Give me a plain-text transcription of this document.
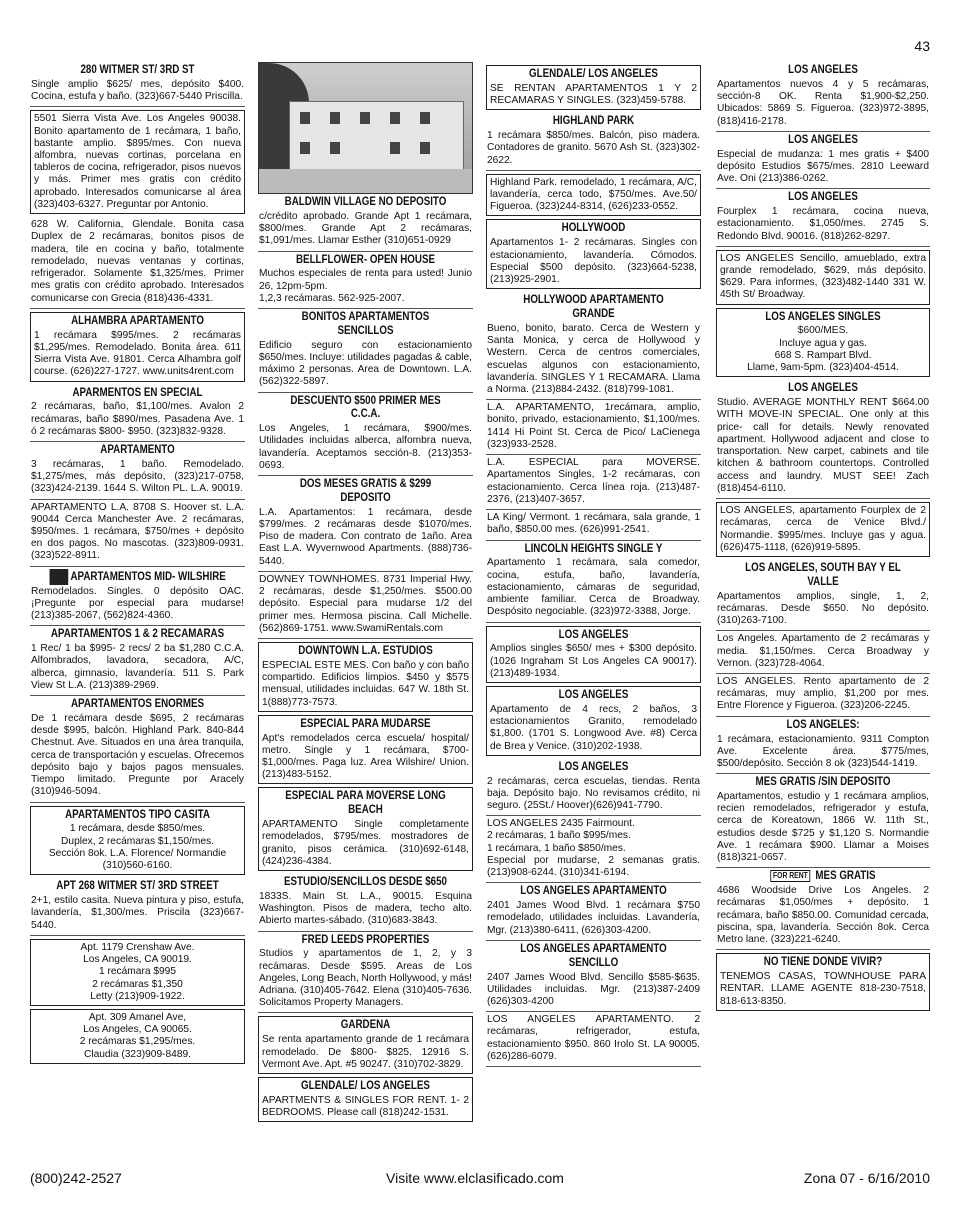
43
280 WITMER ST/ 3RD ST
Single amplio $625/ mes, depósito $400. Cocina, estufa y baño. (323)667-5440 Priscilla.
5501 Sierra Vista Ave. Los Angeles 90038. Bonito apartamento de 1 recámara, 1 baño, bastante amplio. $895/mes. Con nueva alfombra, nuevas cortinas, porcelana en tableros de cocina, refrigerador, pisos nuevos y más. Primer mes gratis con crédito aprobado. Interesados comunicarse al área (323)403-6327. Preguntar por Antonio.
628 W. California, Glendale. Bonita casa Duplex de 2 recámaras, bonitos pisos de madera, tile en cocina y baño, totalmente remodelado, nuevas ventanas y cortinas, refrigerador. Solamente $1,325/mes. Primer mes gratis con crédito aprobado. Interesados comunicarse con Grecia (818)436-4331.
ALHAMBRA APARTAMENTO
1 recámara $995/mes. 2 recámaras $1,295/mes. Remodelado. Bonita área. 611 Sierra Vista Ave. 91801. Cerca Alhambra golf course. (626)227-1727. www.units4rent.com
APARMENTOS EN SPECIAL
2 recámaras, baño, $1,100/mes. Avalon 2 recámaras, baño $890/mes. Pasadena Ave. 1 ó 2 recámaras $800- $950. (323)832-9328.
APARTAMENTO
3 recámaras, 1 baño. Remodelado. $1,275/mes, más depósito, (323)217-0758, (323)424-2139. 1644 S. Wilton PL. L.A. 90019.
APARTAMENTO L.A. 8708 S. Hoover st. L.A. 90044 Cerca Manchester Ave. 2 recámaras, $950/mes. 1 recámara, $750/mes + depósito en dos pagos. No mascotas. (323)809-0931. (323)522-8911.
APARTAMENTOS MID- WILSHIRE
Remodelados. Singles. 0 depósito OAC. ¡Pregunte por especial para mudarse! (213)385-2067, (562)824-4360.
APARTAMENTOS 1 & 2 RECAMARAS
1 Rec/ 1 ba $995- 2 recs/ 2 ba $1,280 C.C.A. Alfombrados, lavadora, secadora, A/C, alberca, gimnasio, lavandería. 511 S. Park View St L.A. (213)389-2969.
APARTAMENTOS ENORMES
De 1 recámara desde $695, 2 recámaras desde $995, balcón. Highland Park. 840-844 Chestnut. Ave. Situados en una área tranquila, cerca de transportación y escuelas. Ofrecemos depósito bajo y bajos pagos mensuales. Tiempo limitado. Pregunte por Aracely (310)946-5094.
APARTAMENTOS TIPO CASITA
1 recámara, desde $850/mes.
Duplex, 2 recámaras $1,150/mes.
Sección 8ok. L.A. Florence/ Normandie
(310)560-6160.
APT 268 WITMER ST/ 3RD STREET
2+1, estilo casita. Nueva pintura y piso, estufa, lavandería, $1,300/mes. Priscila (323)667-5440.
Apt. 1179 Crenshaw Ave.
Los Angeles, CA 90019.
1 recámara $995
2 recámaras $1,350
Letty (213)909-1922.
Apt. 309 Amanel Ave,
Los Angeles, CA 90065.
2 recámaras $1,295/mes.
Claudia (323)909-8489.
BALDWIN VILLAGE NO DEPOSITO
c/crédito aprobado. Grande Apt 1 recámara, $800/mes. Grande Apt 2 recámaras, $1,091/mes. Llamar Esther (310)651-0929
BELLFLOWER- OPEN HOUSE
Muchos especiales de renta para usted! Junio 26, 12pm-5pm.
1,2,3 recámaras. 562-925-2007.
BONITOS APARTAMENTOS SENCILLOS
Edificio seguro con estacionamiento $650/mes. Incluye: utilidades pagadas & cable, máximo 2 personas. Area de Downtown. L.A. (562)322-5897.
DESCUENTO $500 PRIMER MES C.C.A.
Los Angeles, 1 recámara, $900/mes. Utilidades incluidas alberca, alfombra nueva, lavandería. Aceptamos sección-8. (213)353-0693.
DOS MESES GRATIS & $299 DEPOSITO
L.A. Apartamentos: 1 recámara, desde $799/mes. 2 recámaras desde $1070/mes. Piso de madera. Con contrato de 1año. Area East L.A. Wyvernwood Apartments. (888)736-5440.
DOWNEY TOWNHOMES. 8731 Imperial Hwy. 2 recámaras, desde $1,250/mes. $500.00 depósito. Especial para mudarse 1/2 del primer mes. Hermosa piscina. Call Michelle. (562)869-1751. www.SwamiRentals.com
DOWNTOWN L.A. ESTUDIOS
ESPECIAL ESTE MES. Con baño y con baño compartido. Edificios limpios. $450 y $575 mensual, utilidades incluidas. 647 W. 18th St. 1(888)773-7573.
ESPECIAL PARA MUDARSE
Apt's remodelados cerca escuela/ hospital/ metro. Single y 1 recámara, $700- $1,000/mes. Paga luz. Area Wilshire/ Union. (213)483-5152.
ESPECIAL PARA MOVERSE LONG BEACH
APARTAMENTO Single completamente remodelados, $795/mes. mostradores de granito, pisos cerámica. (310)692-6148, (424)236-4384.
ESTUDIO/SENCILLOS DESDE $650
1833S. Main St. L.A., 90015. Esquina Washington. Pisos de madera, techo alto. Abierto martes-sábado. (310)683-3843.
FRED LEEDS PROPERTIES
Studios y apartamentos de 1, 2, y 3 recámaras. Desde $595. Areas de Los Angeles, Long Beach, North Hollywood, y más! Adriana. (310)405-7642. Elena (310)405-7636. Solicitamos Property Managers.
GARDENA
Se renta apartamento grande de 1 recámara remodelado. De $800- $825. 12916 S. Vermont Ave. Apt. #5 90247. (310)702-3829.
GLENDALE/ LOS ANGELES
APARTMENTS & SINGLES FOR RENT. 1- 2 BEDROOMS. Please call (818)242-1531.
GLENDALE/ LOS ANGELES
SE RENTAN APARTAMENTOS 1 Y 2 RECAMARAS Y SINGLES. (323)459-5788.
HIGHLAND PARK
1 recámara $850/mes. Balcón, piso madera. Contadores de granito. 5670 Ash St. (323)302-2622.
Highland Park. remodelado, 1 recámara, A/C, lavandería, cerca todo, $750/mes. Ave.50/ Figueroa. (323)244-8314, (626)233-0552.
HOLLYWOOD
Apartamentos 1- 2 recámaras. Singles con estacionamiento, lavandería. Cómodos. Especial $500 depósito. (323)664-5238, (213)925-2901.
HOLLYWOOD APARTAMENTO GRANDE
Bueno, bonito, barato. Cerca de Western y Santa Monica, y cerca de Hollywood y Western. Cerca de centros comerciales, escuelas algunos con estacionamiento, lavandería. SINGLES Y 1 RECAMARA. Llama a Norma. (213)884-2432. (818)799-1081.
L.A. APARTAMENTO, 1recámara, amplio, bonito, privado, estacionamiento, $1,100/mes. 1414 Hi Point St. Cerca de Pico/ LaCienega (323)933-2528.
L.A. ESPECIAL para MOVERSE. Apartamentos Singles, 1-2 recámaras, con estacionamiento. Cerca línea roja. (213)487-2376, (213)407-3657.
LA King/ Vermont. 1 recámara, sala grande, 1 baño, $850.00 mes. (626)991-2541.
LINCOLN HEIGHTS SINGLE Y
Apartamento 1 recámara, sala comedor, cocina, estufa, baño, lavandería, estacionamiento, cámaras de seguridad, ambiente familiar. Cerca de Broadway. Despósito negociable. (323)972-3388, Jorge.
LOS ANGELES
Amplios singles $650/ mes + $300 depósito. (1026 Ingraham St Los Angeles CA 90017). (213)489-1934.
LOS ANGELES
Apartamento de 4 recs, 2 baños, 3 estacionamientos Granito, remodelado $1,800. (1701 S. Longwood Ave. #8) Cerca de Brea y Venice. (310)202-1938.
LOS ANGELES
2 recámaras, cerca escuelas, tiendas. Renta baja. Depósito bajo. No revisamos crédito, ni seguro. (25St./ Hoover)(626)941-7790.
LOS ANGELES 2435 Fairmount.
2 recámaras, 1 baño $995/mes.
1 recámara, 1 baño $850/mes.
Especial por mudarse, 2 semanas gratis. (213)908-6244. (310)341-6194.
LOS ANGELES APARTAMENTO
2401 James Wood Blvd. 1 recámara $750 remodelado, utilidades incluidas. Lavandería, Mgr. (213)380-6411, (626)303-4200.
LOS ANGELES APARTAMENTO SENCILLO
2407 James Wood Blvd. Sencillo $585-$635. Utilidades incluidas. Mgr. (213)387-2409 (626)303-4200
LOS ANGELES APARTAMENTO. 2 recámaras, refrigerador, estufa, estacionamiento $950. 860 Irolo St. LA 90005. (626)286-6079.
LOS ANGELES
Apartamentos nuevos 4 y 5 recámaras, sección-8 OK. Renta $1,900-$2,250. Ubicados: 5869 S. Figueroa. (323)972-3895, (818)416-2178.
LOS ANGELES
Especial de mudanza: 1 mes gratis + $400 depósito Estudios $675/mes. 2810 Leeward Ave. Oni (213)386-0262.
LOS ANGELES
Fourplex 1 recámara, cocina nueva, estacionamiento. $1,050/mes. 2745 S. Redondo Blvd. 90016. (818)262-8297.
LOS ANGELES Sencillo, amueblado, extra grande remodelado, $629, más depósito. $629. Para informes, (323)482-1440 331 W. 45th St/ Broadway.
LOS ANGELES SINGLES
$600/MES.
Incluye agua y gas.
668 S. Rampart Blvd.
Llame, 9am-5pm. (323)404-4514.
LOS ANGELES
Studio. AVERAGE MONTHLY RENT $664.00 WITH MOVE-IN SPECIAL. One only at this price- call for details. Newly renovated apartment. Hollywood adjacent and close to transportation. New carpet, cabinets and tile kitchen & bathroom countertops. Controlled access and laundry. MUST SEE! Zach (818)454-6110.
LOS ANGELES, apartamento Fourplex de 2 recámaras, cerca de Venice Blvd./ Normandie. $995/mes. Incluye gas y agua. (626)475-1118, (626)919-5895.
LOS ANGELES, SOUTH BAY Y EL VALLE
Apartamentos amplios, single, 1, 2, recámaras. Desde $650. No depósito. (310)263-7100.
Los Angeles. Apartamento de 2 recámaras y media. $1,150/mes. Cerca Broadway y Vernon. (323)728-4064.
LOS ANGELES. Rento apartamento de 2 recámaras, muy amplio, $1,200 por mes. Entre Florence y Figueroa. (323)206-2245.
LOS ANGELES:
1 recámara, estacionamiento. 9311 Compton Ave. Excelente área. $775/mes, $500/depósito. Sección 8 ok (323)544-1419.
MES GRATIS /SIN DEPOSITO
Apartamentos, estudio y 1 recámara amplios, recien remodelados, refrigerador y estufa, cerca de Koreatown, 1866 W. 11th St., estudios desde $725 y $1,120 S. Normandie Ave. 1 recámara $900. Llamar a Moises (818)321-0657.
FOR RENT MES GRATIS
4686 Woodside Drive Los Angeles. 2 recámaras $1,050/mes + depósito. 1 recámara, baño $850.00. Comunidad cercada, piscina, spa, lavandería. Sección 8ok. Cerca Metro lane. (323)221-6240.
NO TIENE DONDE VIVIR?
TENEMOS CASAS, TOWNHOUSE PARA RENTAR. LLAME AGENTE 818-230-7518, 818-613-8350.
(800)242-2527	Visite www.elclasificado.com	Zona 07 - 6/16/2010
